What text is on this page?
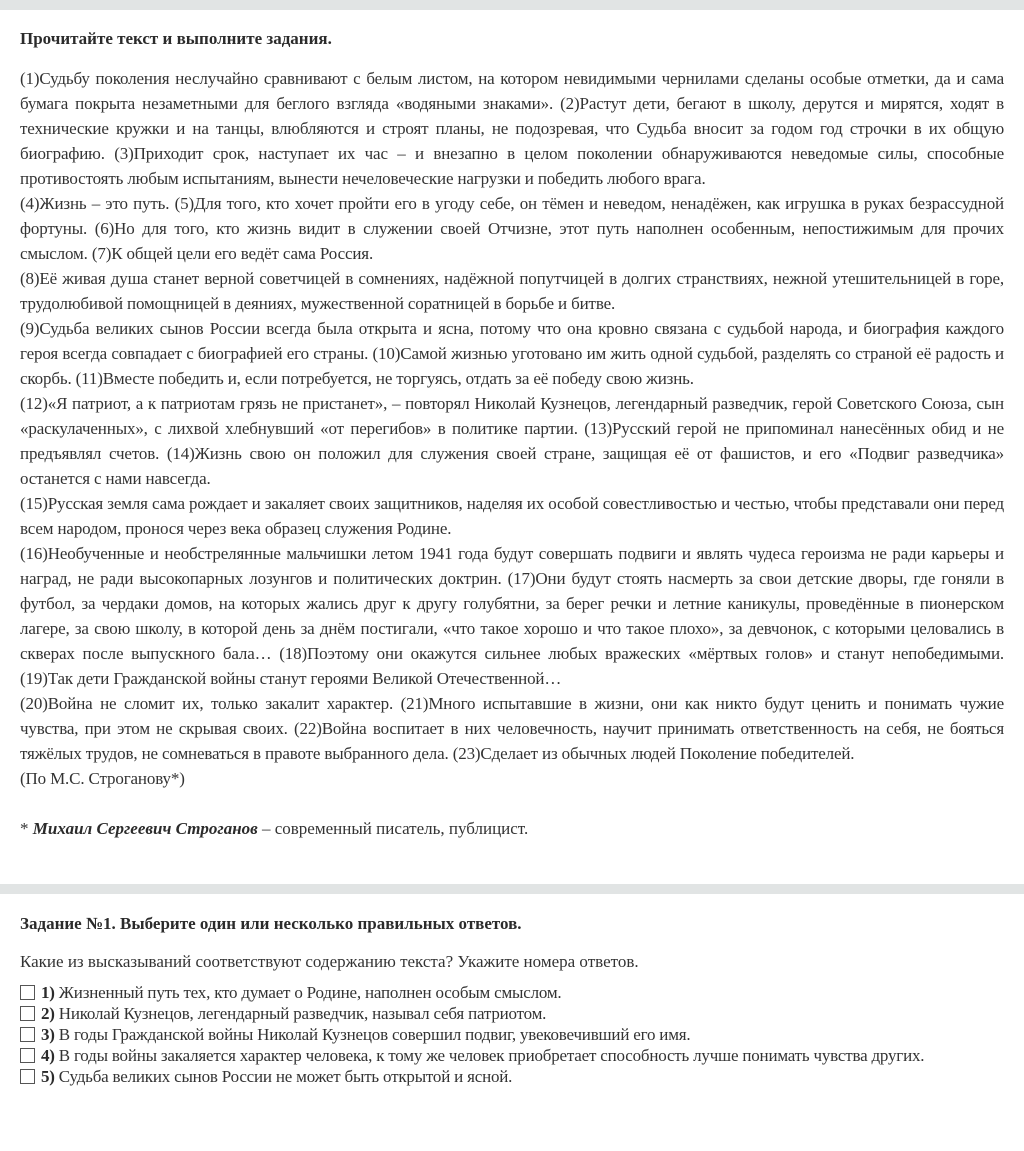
Прочитайте текст и выполните задания.

(1)Судьбу поколения неслучайно сравнивают с белым листом, на котором невидимыми чернилами сделаны особые отметки, да и сама бумага покрыта незаметными для беглого взгляда «водяными знаками». (2)Растут дети, бегают в школу, дерутся и мирятся, ходят в технические кружки и на танцы, влюбляются и строят планы, не подозревая, что Судьба вносит за годом год строчки в их общую биографию. (3)Приходит срок, наступает их час – и внезапно в целом поколении обнаруживаются неведомые силы, способные противостоять любым испытаниям, вынести нечеловеческие нагрузки и победить любого врага.

(4)Жизнь – это путь. (5)Для того, кто хочет пройти его в угоду себе, он тёмен и неведом, ненадёжен, как игрушка в руках безрассудной фортуны. (6)Но для того, кто жизнь видит в служении своей Отчизне, этот путь наполнен особенным, непостижимым для прочих смыслом. (7)К общей цели его ведёт сама Россия.

(8)Её живая душа станет верной советчицей в сомнениях, надёжной попутчицей в долгих странствиях, нежной утешительницей в горе, трудолюбивой помощницей в деяниях, мужественной соратницей в борьбе и битве.

(9)Судьба великих сынов России всегда была открыта и ясна, потому что она кровно связана с судьбой народа, и биография каждого героя всегда совпадает с биографией его страны. (10)Самой жизнью уготовано им жить одной судьбой, разделять со страной её радость и скорбь. (11)Вместе победить и, если потребуется, не торгуясь, отдать за её победу свою жизнь.

(12)«Я патриот, а к патриотам грязь не пристанет», – повторял Николай Кузнецов, легендарный разведчик, герой Советского Союза, сын «раскулаченных», с лихвой хлебнувший «от перегибов» в политике партии. (13)Русский герой не припоминал нанесённых обид и не предъявлял счетов. (14)Жизнь свою он положил для служения своей стране, защищая её от фашистов, и его «Подвиг разведчика» останется с нами навсегда.

(15)Русская земля сама рождает и закаляет своих защитников, наделяя их особой совестливостью и честью, чтобы представали они перед всем народом, пронося через века образец служения Родине.

(16)Необученные и необстрелянные мальчишки летом 1941 года будут совершать подвиги и являть чудеса героизма не ради карьеры и наград, не ради высокопарных лозунгов и политических доктрин. (17)Они будут стоять насмерть за свои детские дворы, где гоняли в футбол, за чердаки домов, на которых жались друг к другу голубятни, за берег речки и летние каникулы, проведённые в пионерском лагере, за свою школу, в которой день за днём постигали, «что такое хорошо и что такое плохо», за девчонок, с которыми целовались в скверах после выпускного бала… (18)Поэтому они окажутся сильнее любых вражеских «мёртвых голов» и станут непобедимыми. (19)Так дети Гражданской войны станут героями Великой Отечественной…

(20)Война не сломит их, только закалит характер. (21)Много испытавшие в жизни, они как никто будут ценить и понимать чужие чувства, при этом не скрывая своих. (22)Война воспитает в них человечность, научит принимать ответственность на себя, не бояться тяжёлых трудов, не сомневаться в правоте выбранного дела. (23)Сделает из обычных людей Поколение победителей.

(По М.С. Строганову*)

* Михаил Сергеевич Строганов – современный писатель, публицист.
Задание №1. Выберите один или несколько правильных ответов.
Какие из высказываний соответствуют содержанию текста? Укажите номера ответов.
1) Жизненный путь тех, кто думает о Родине, наполнен особым смыслом.
2) Николай Кузнецов, легендарный разведчик, называл себя патриотом.
3) В годы Гражданской войны Николай Кузнецов совершил подвиг, увековечивший его имя.
4) В годы войны закаляется характер человека, к тому же человек приобретает способность лучше понимать чувства других.
5) Судьба великих сынов России не может быть открытой и ясной.
